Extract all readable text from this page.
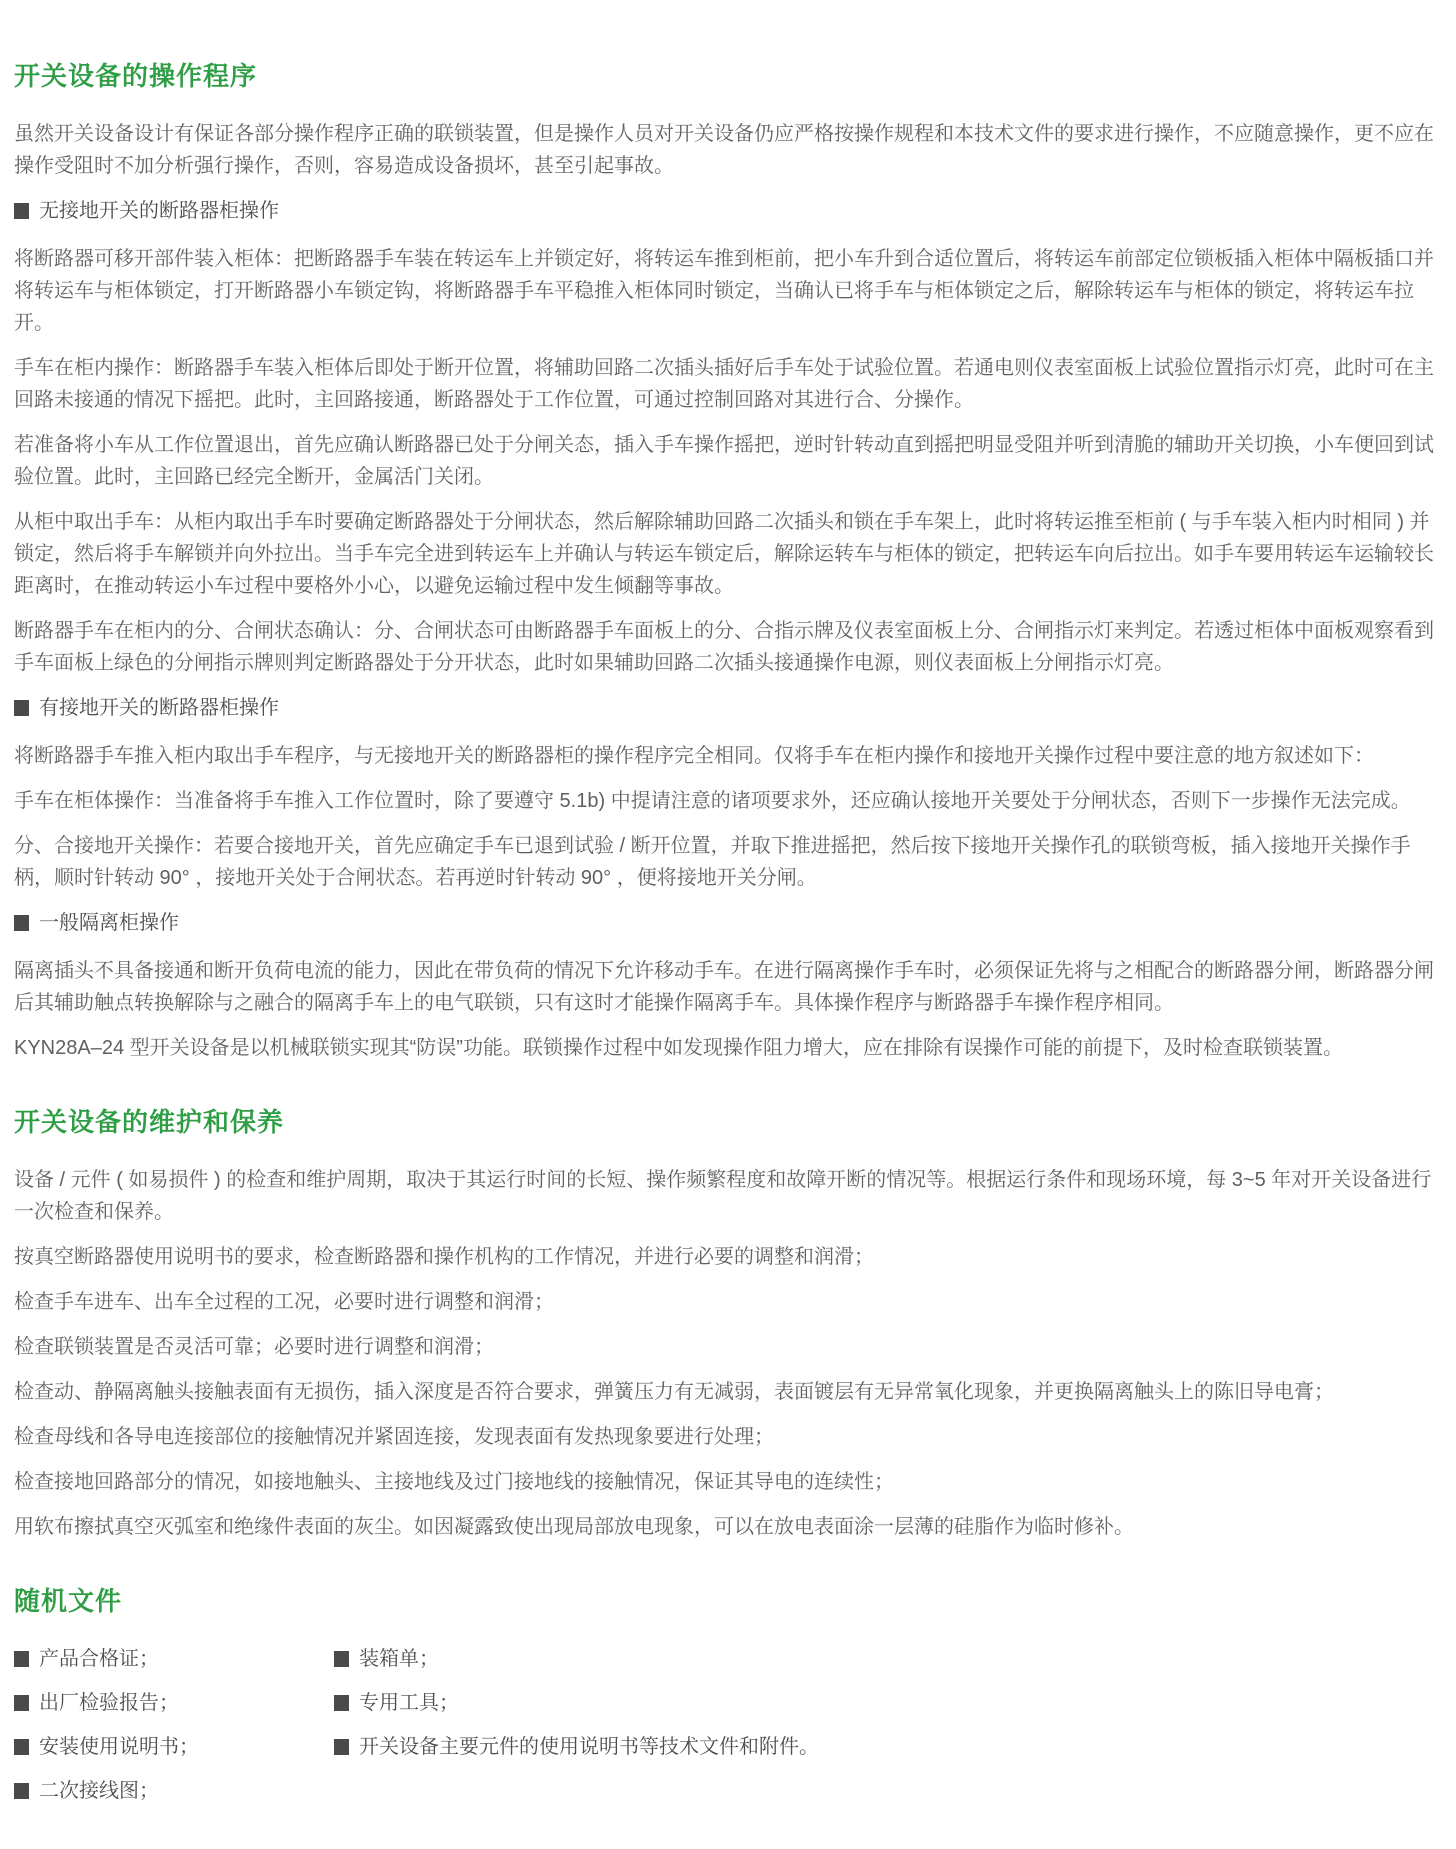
开关设备的操作程序

虽然开关设备设计有保证各部分操作程序正确的联锁装置，但是操作人员对开关设备仍应严格按操作规程和本技术文件的要求进行操作，不应随意操作，更不应在操作受阻时不加分析强行操作，否则，容易造成设备损坏，甚至引起事故。

无接地开关的断路器柜操作

将断路器可移开部件装入柜体：把断路器手车装在转运车上并锁定好，将转运车推到柜前，把小车升到合适位置后，将转运车前部定位锁板插入柜体中隔板插口并将转运车与柜体锁定，打开断路器小车锁定钩，将断路器手车平稳推入柜体同时锁定，当确认已将手车与柜体锁定之后，解除转运车与柜体的锁定，将转运车拉开。

手车在柜内操作：断路器手车装入柜体后即处于断开位置，将辅助回路二次插头插好后手车处于试验位置。若通电则仪表室面板上试验位置指示灯亮，此时可在主回路未接通的情况下摇把。此时，主回路接通，断路器处于工作位置，可通过控制回路对其进行合、分操作。

若准备将小车从工作位置退出，首先应确认断路器已处于分闸关态，插入手车操作摇把，逆时针转动直到摇把明显受阻并听到清脆的辅助开关切换，小车便回到试验位置。此时，主回路已经完全断开，金属活门关闭。

从柜中取出手车：从柜内取出手车时要确定断路器处于分闸状态，然后解除辅助回路二次插头和锁在手车架上，此时将转运推至柜前 ( 与手车装入柜内时相同 ) 并锁定，然后将手车解锁并向外拉出。当手车完全进到转运车上并确认与转运车锁定后，解除运转车与柜体的锁定，把转运车向后拉出。如手车要用转运车运输较长距离时，在推动转运小车过程中要格外小心，以避免运输过程中发生倾翻等事故。

断路器手车在柜内的分、合闸状态确认：分、合闸状态可由断路器手车面板上的分、合指示牌及仪表室面板上分、合闸指示灯来判定。若透过柜体中面板观察看到手车面板上绿色的分闸指示牌则判定断路器处于分开状态，此时如果辅助回路二次插头接通操作电源，则仪表面板上分闸指示灯亮。

有接地开关的断路器柜操作

将断路器手车推入柜内取出手车程序，与无接地开关的断路器柜的操作程序完全相同。仅将手车在柜内操作和接地开关操作过程中要注意的地方叙述如下：

手车在柜体操作：当准备将手车推入工作位置时，除了要遵守 5.1b) 中提请注意的诸项要求外，还应确认接地开关要处于分闸状态，否则下一步操作无法完成。

分、合接地开关操作：若要合接地开关，首先应确定手车已退到试验 / 断开位置，并取下推进摇把，然后按下接地开关操作孔的联锁弯板，插入接地开关操作手柄，顺时针转动 90° ，接地开关处于合闸状态。若再逆时针转动 90° ，便将接地开关分闸。

一般隔离柜操作

隔离插头不具备接通和断开负荷电流的能力，因此在带负荷的情况下允许移动手车。在进行隔离操作手车时，必须保证先将与之相配合的断路器分闸，断路器分闸后其辅助触点转换解除与之融合的隔离手车上的电气联锁，只有这时才能操作隔离手车。具体操作程序与断路器手车操作程序相同。

KYN28A–24 型开关设备是以机械联锁实现其“防误”功能。联锁操作过程中如发现操作阻力增大，应在排除有误操作可能的前提下，及时检查联锁装置。

开关设备的维护和保养

设备 / 元件 ( 如易损件 ) 的检查和维护周期，取决于其运行时间的长短、操作频繁程度和故障开断的情况等。根据运行条件和现场环境，每 3~5 年对开关设备进行一次检查和保养。

按真空断路器使用说明书的要求，检查断路器和操作机构的工作情况，并进行必要的调整和润滑；

检查手车进车、出车全过程的工况，必要时进行调整和润滑；

检查联锁装置是否灵活可靠；必要时进行调整和润滑；

检查动、静隔离触头接触表面有无损伤，插入深度是否符合要求，弹簧压力有无减弱，表面镀层有无异常氧化现象，并更换隔离触头上的陈旧导电膏；

检查母线和各导电连接部位的接触情况并紧固连接，发现表面有发热现象要进行处理；

检查接地回路部分的情况，如接地触头、主接地线及过门接地线的接触情况，保证其导电的连续性；

用软布擦拭真空灭弧室和绝缘件表面的灰尘。如因凝露致使出现局部放电现象，可以在放电表面涂一层薄的硅脂作为临时修补。

随机文件
产品合格证；
出厂检验报告；
安装使用说明书；
二次接线图；
装箱单；
专用工具；
开关设备主要元件的使用说明书等技术文件和附件。
